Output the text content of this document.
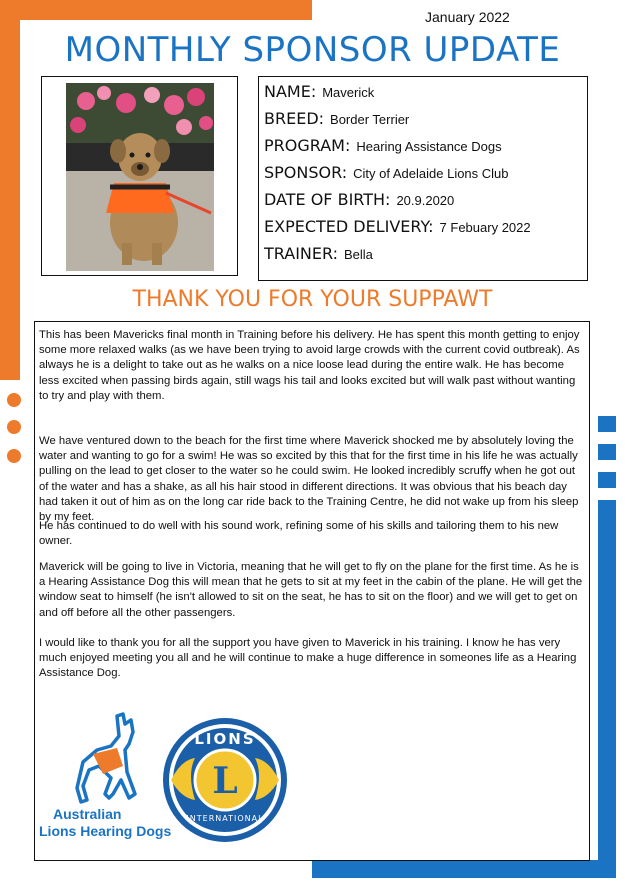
January 2022
MONTHLY SPONSOR UPDATE
NAME: Maverick
BREED: Border Terrier
PROGRAM: Hearing Assistance Dogs
SPONSOR: City of Adelaide Lions Club
DATE OF BIRTH: 20.9.2020
EXPECTED DELIVERY: 7 Febuary 2022
TRAINER: Bella
THANK YOU FOR YOUR SUPPAWT

This has been Mavericks final month in Training before his delivery. He has spent this month getting to enjoy some more relaxed walks (as we have been trying to avoid large crowds with the current covid outbreak). As always he is a delight to take out as he walks on a nice loose lead during the entire walk. He has become less excited when passing birds again, still wags his tail and looks excited but will walk past without wanting to try and play with them.

We have ventured down to the beach for the first time where Maverick shocked me by absolutely loving the water and wanting to go for a swim! He was so excited by this that for the first time in his life he was actually pulling on the lead to get closer to the water so he could swim. He looked incredibly scruffy when he got out of the water and has a shake, as all his hair stood in different directions. It was obvious that his beach day had taken it out of him as on the long car ride back to the Training Centre, he did not wake up from his sleep by my feet.

He has continued to do well with his sound work, refining some of his skills and tailoring them to his new owner.

Maverick will be going to live in Victoria, meaning that he will get to fly on the plane for the first time. As he is a Hearing Assistance Dog this will mean that he gets to sit at my feet in the cabin of the plane. He will get the window seat to himself (he isn't allowed to sit on the seat, he has to sit on the floor) and we will get to get on and off before all the other passengers.

I would like to thank you for all the support you have given to Maverick in his training. I know he has very much enjoyed meeting you all and he will continue to make a huge difference in someones life as a Hearing Assistance Dog.

Australian
Lions Hearing Dogs
LIONS
L
INTERNATIONAL
